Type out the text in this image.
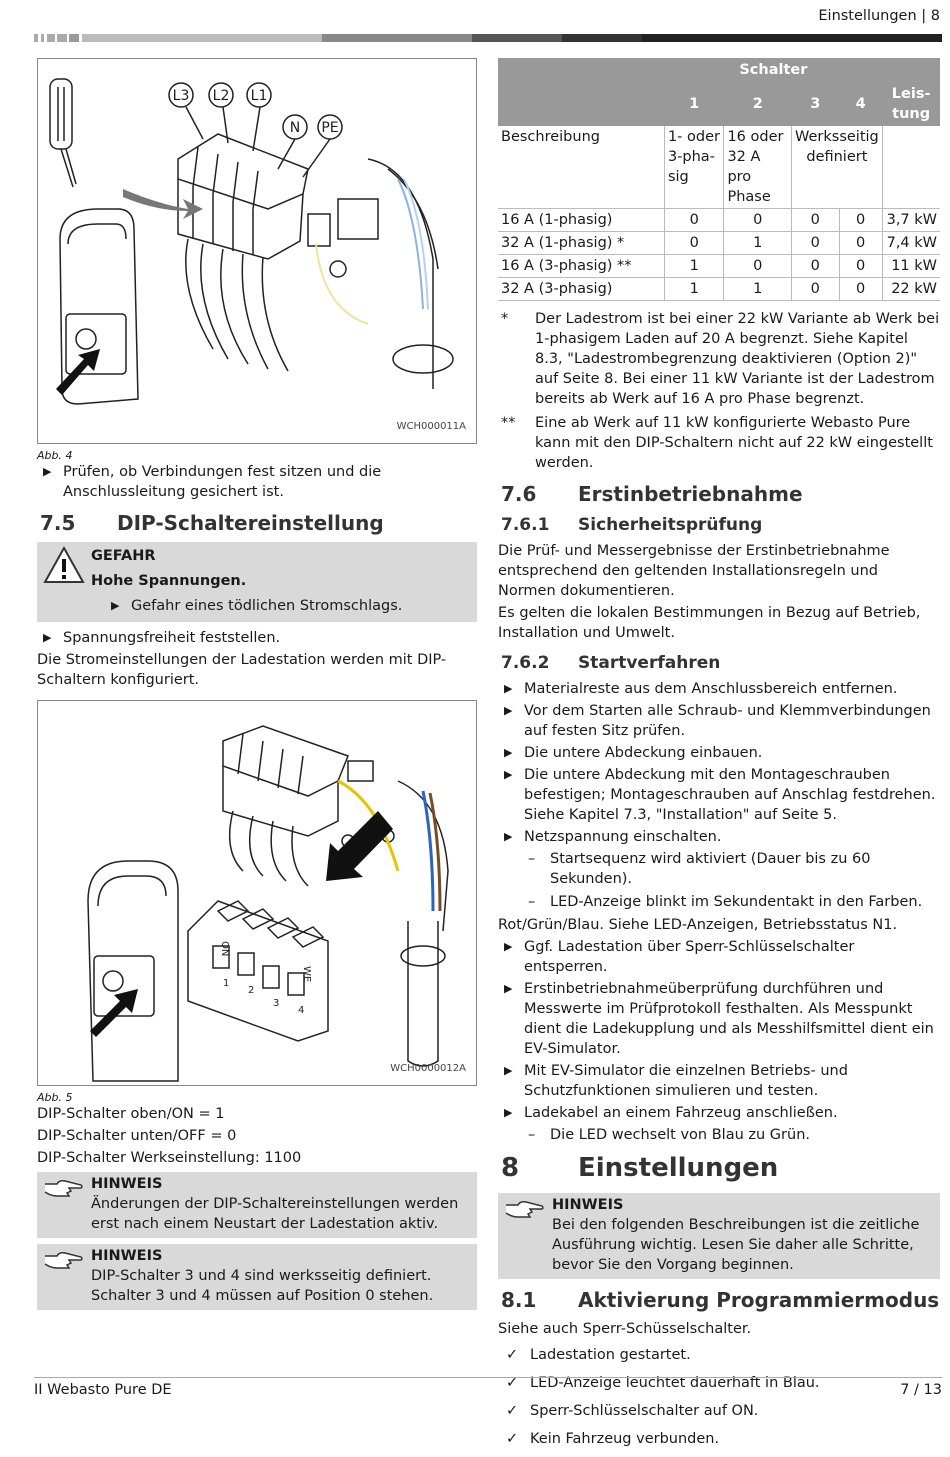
Einstellungen | 8
L3 L2 L1
N PE
WCH000011A
Abb. 4
▶ Prüfen, ob Verbindungen fest sitzen und die Anschlussleitung gesichert ist.
7.5	DIP-Schaltereinstellung
GEFAHR
Hohe Spannungen.
▶ Gefahr eines tödlichen Stromschlags.
▶ Spannungsfreiheit feststellen.

Die Stromeinstellungen der Ladestation werden mit DIP-Schaltern konfiguriert.

ON
WE
1
2
3
4
WCH0000012A
Abb. 5

DIP-Schalter oben/ON = 1

DIP-Schalter unten/OFF = 0

DIP-Schalter Werkseinstellung: 1100

HINWEIS
Änderungen der DIP-Schaltereinstellungen werden erst nach einem Neustart der Ladestation aktiv.
HINWEIS
DIP-Schalter 3 und 4 sind werksseitig definiert. Schalter 3 und 4 müssen auf Position 0 stehen.
	Schalter				
	1	2	3	4	Leis-tung
Beschreibung	1- oder 3-pha-sig	16 oder 32 A pro Phase	Werksseitig definiert		
16 A (1-phasig)	0	0	0	0	3,7 kW
32 A (1-phasig) *	0	1	0	0	7,4 kW
16 A (3-phasig) **	1	0	0	0	11 kW
32 A (3-phasig)	1	1	0	0	22 kW
* Der Ladestrom ist bei einer 22 kW Variante ab Werk bei 1-phasigem Laden auf 20 A begrenzt. Siehe Kapitel 8.3, "Ladestrombegrenzung deaktivieren (Option 2)" auf Seite 8. Bei einer 11 kW Variante ist der Ladestrom bereits ab Werk auf 16 A pro Phase begrenzt.
** Eine ab Werk auf 11 kW konfigurierte Webasto Pure kann mit den DIP-Schaltern nicht auf 22 kW eingestellt werden.
7.6	Erstinbetriebnahme
7.6.1	Sicherheitsprüfung

Die Prüf- und Messergebnisse der Erstinbetriebnahme entsprechend den geltenden Installationsregeln und Normen dokumentieren.

Es gelten die lokalen Bestimmungen in Bezug auf Betrieb, Installation und Umwelt.

7.6.2	Startverfahren
▶ Materialreste aus dem Anschlussbereich entfernen.
▶ Vor dem Starten alle Schraub- und Klemmverbindungen auf festen Sitz prüfen.
▶ Die untere Abdeckung einbauen.
▶ Die untere Abdeckung mit den Montageschrauben befestigen; Montageschrauben auf Anschlag festdrehen. Siehe Kapitel 7.3, "Installation" auf Seite 5.
▶ Netzspannung einschalten.
– Startsequenz wird aktiviert (Dauer bis zu 60 Sekunden).
– LED-Anzeige blinkt im Sekundentakt in den Farben.

Rot/Grün/Blau. Siehe LED-Anzeigen, Betriebsstatus N1.

▶ Ggf. Ladestation über Sperr-Schlüsselschalter entsperren.
▶ Erstinbetriebnahmeüberprüfung durchführen und Messwerte im Prüfprotokoll festhalten. Als Messpunkt dient die Ladekupplung und als Messhilfsmittel dient ein EV-Simulator.
▶ Mit EV-Simulator die einzelnen Betriebs- und Schutzfunktionen simulieren und testen.
▶ Ladekabel an einem Fahrzeug anschließen.
– Die LED wechselt von Blau zu Grün.
8	Einstellungen
HINWEIS
Bei den folgenden Beschreibungen ist die zeitliche Ausführung wichtig. Lesen Sie daher alle Schritte, bevor Sie den Vorgang beginnen.
8.1	Aktivierung Programmiermodus

Siehe auch Sperr-Schüsselschalter.

✓ Ladestation gestartet.
✓ LED-Anzeige leuchtet dauerhaft in Blau.
✓ Sperr-Schlüsselschalter auf ON.
✓ Kein Fahrzeug verbunden.
II Webasto Pure DE	7 / 13
